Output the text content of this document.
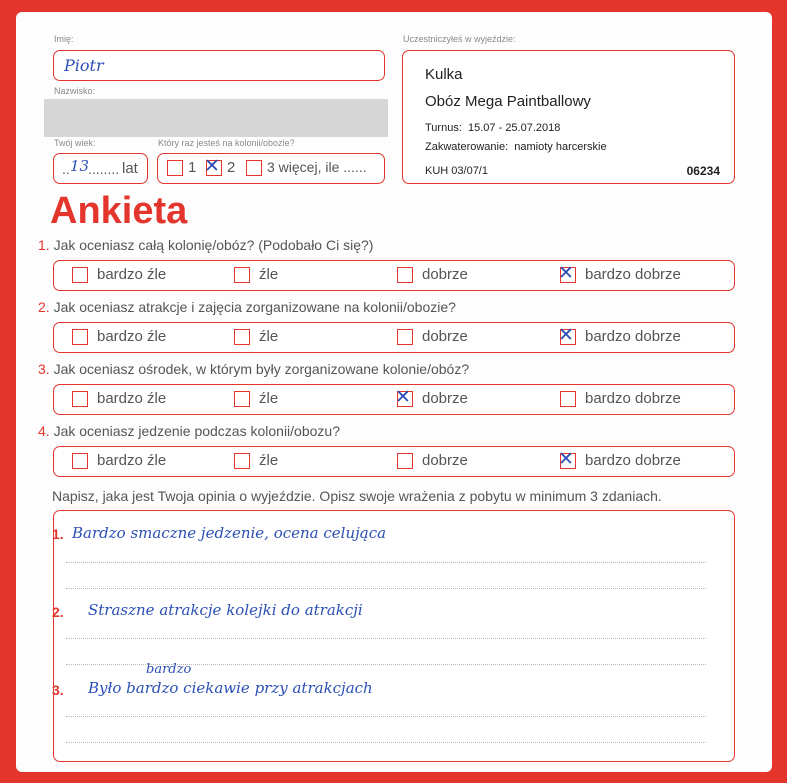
Imię:
Piotr
Nazwisko:
Twój wiek:
.. 13
........ lat
Który raz jesteś na kolonii/obozie?
1 ✕ 2 3 więcej, ile ......
Uczestniczyłeś w wyjeździe:
Kulka
Obóz Mega Paintballowy
Turnus: 15.07 - 25.07.2018
Zakwaterowanie: namioty harcerskie
KUH 03/07/1	06234
Ankieta
1. Jak oceniasz całą kolonię/obóz? (Podobało Ci się?)
bardzo źle	źle	dobrze	✕ bardzo dobrze
2. Jak oceniasz atrakcje i zajęcia zorganizowane na kolonii/obozie?
bardzo źle	źle	dobrze	✕ bardzo dobrze
3. Jak oceniasz ośrodek, w którym były zorganizowane kolonie/obóz?
bardzo źle	źle	✕ dobrze	bardzo dobrze
4. Jak oceniasz jedzenie podczas kolonii/obozu?
bardzo źle	źle	dobrze	✕ bardzo dobrze
Napisz, jaka jest Twoja opinia o wyjeździe. Opisz swoje wrażenia z pobytu w minimum 3 zdaniach.
1. Bardzo smaczne jedzenie, ocena celująca
2. Straszne atrakcje kolejki do atrakcji
3.
bardzo
Było bardzo ciekawie przy atrakcjach
